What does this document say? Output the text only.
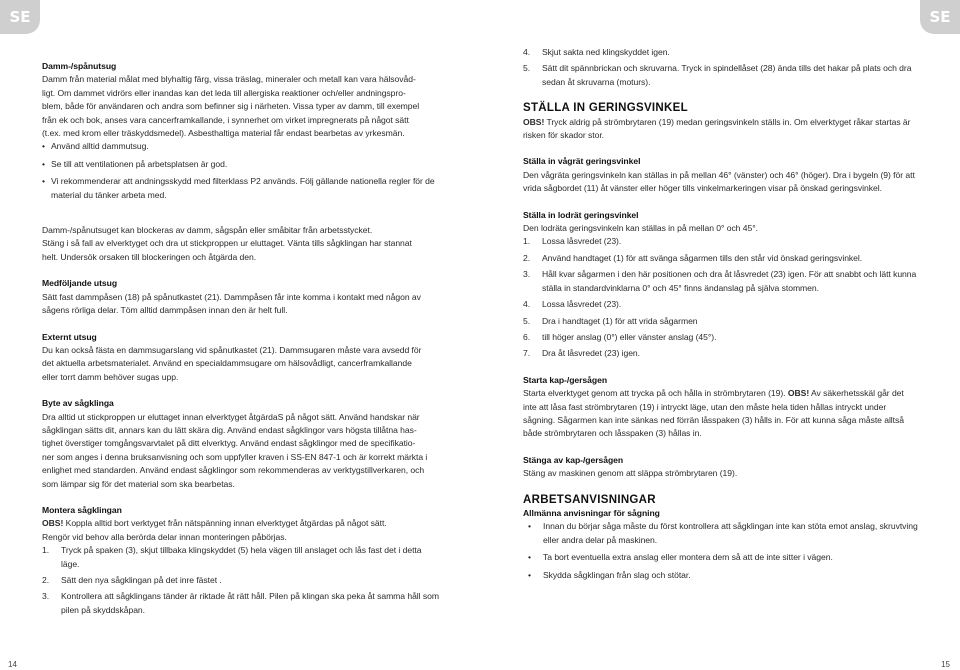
SE	SE
Damm-/spånutsug
Damm från material målat med blyhaltig färg, vissa träslag, mineraler och metall kan vara hälsovåd-
ligt. Om dammet vidrörs eller inandas kan det leda till allergiska reaktioner och/eller andningspro-
blem, både för användaren och andra som befinner sig i närheten. Vissa typer av damm, till exempel
från ek och bok, anses vara cancerframkallande, i synnerhet om virket impregnerats på något sätt
(t.ex. med krom eller träskyddsmedel). Asbesthaltiga material får endast bearbetas av yrkesmän.
• Använd alltid dammutsug.
• Se till att ventilationen på arbetsplatsen är god.
• Vi rekommenderar att andningsskydd med filterklass P2 används. Följ gällande nationella regler för de material du tänker arbeta med.
Damm-/spånutsuget kan blockeras av damm, sågspån eller småbitar från arbetsstycket.
Stäng i så fall av elverktyget och dra ut stickproppen ur eluttaget. Vänta tills sågklingan har stannat
helt. Undersök orsaken till blockeringen och åtgärda den.
Medföljande utsug
Sätt fast dammpåsen (18) på spånutkastet (21). Dammpåsen får inte komma i kontakt med någon av
sågens rörliga delar. Töm alltid dammpåsen innan den är helt full.
Externt utsug
Du kan också fästa en dammsugarslang vid spånutkastet (21). Dammsugaren måste vara avsedd för
det aktuella arbetsmaterialet. Använd en specialdammsugare om hälsovådligt, cancerframkallande
eller torrt damm behöver sugas upp.
Byte av sågklinga
Dra alltid ut stickproppen ur eluttaget innan elverktyget åtgärdaS på något sätt. Använd handskar när
sågklingan sätts dit, annars kan du lätt skära dig. Använd endast sågklingor vars högsta tillåtna has-
tighet överstiger tomgångsvarvtalet på ditt elverktyg. Använd endast sågklingor med de specifikatio-
ner som anges i denna bruksanvisning och som uppfyller kraven i SS-EN 847-1 och är korrekt märkta i
enlighet med standarden. Använd endast sågklingor som rekommenderas av verktygstillverkaren, och
som lämpar sig för det material som ska bearbetas.
Montera sågklingan

OBS! Koppla alltid bort verktyget från nätspänning innan elverktyget åtgärdas på något sätt.

Rengör vid behov alla berörda delar innan monteringen påbörjas.

1.	Tryck på spaken (3), skjut tillbaka klingskyddet (5) hela vägen till anslaget och lås fast det i detta läge.
2.	Sätt den nya sågklingan på det inre fästet .
3.	Kontrollera att sågklingans tänder är riktade åt rätt håll. Pilen på klingan ska peka åt samma håll som pilen på skyddskåpan.
4.	Skjut sakta ned klingskyddet igen.
5.	Sätt dit spännbrickan och skruvarna. Tryck in spindellåset (28) ända tills det hakar på plats och dra sedan åt skruvarna (moturs).
STÄLLA IN GERINGSVINKEL

OBS! Tryck aldrig på strömbrytaren (19) medan geringsvinkeln ställs in. Om elverktyget råkar startas är risken för skador stor.

Ställa in vågrät geringsvinkel

Den vågräta geringsvinkeln kan ställas in på mellan 46° (vänster) och 46° (höger). Dra i bygeln (9) för att vrida sågbordet (11) åt vänster eller höger tills vinkelmarkeringen visar på önskad geringsvinkel.

Ställa in lodrät geringsvinkel

Den lodräta geringsvinkeln kan ställas in på mellan 0° och 45°.

1.	Lossa låsvredet (23).
2.	Använd handtaget (1) för att svänga sågarmen tills den står vid önskad geringsvinkel.
3.	Håll kvar sågarmen i den här positionen och dra åt låsvredet (23) igen. För att snabbt och lätt kunna ställa in standardvinklarna 0° och 45° finns ändanslag på själva stommen.
4.	Lossa låsvredet (23).
5.	Dra i handtaget (1) för att vrida sågarmen
6.	till höger anslag (0°) eller vänster anslag (45°).
7.	Dra åt låsvredet (23) igen.
Starta kap-/gersågen

Starta elverktyget genom att trycka på och hålla in strömbrytaren (19). OBS! Av säkerhetsskäl går det inte att låsa fast strömbrytaren (19) i intryckt läge, utan den måste hela tiden hållas intryckt under sågning. Sågarmen kan inte sänkas ned förrän låsspaken (3) hålls in. För att kunna såga måste alltså både strömbrytaren och låsspaken (3) hållas in.

Stänga av kap-/gersågen

Stäng av maskinen genom att släppa strömbrytaren (19).

ARBETSANVISNINGAR
Allmänna anvisningar för sågning
• Innan du börjar såga måste du först kontrollera att sågklingan inte kan stöta emot anslag, skruvtving eller andra delar på maskinen.
• Ta bort eventuella extra anslag eller montera dem så att de inte sitter i vägen.
• Skydda sågklingan från slag och stötar.
14	15
